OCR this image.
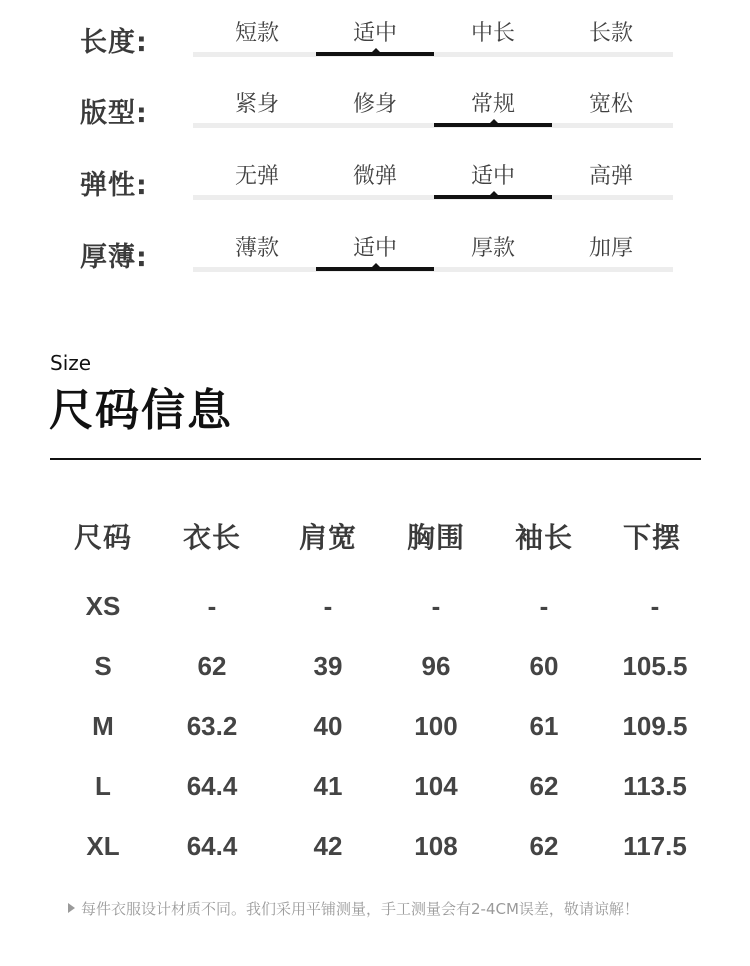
长度:	短款	适中	中长	长款
版型:	紧身	修身	常规	宽松
弹性:	无弹	微弹	适中	高弹
厚薄:	薄款	适中	厚款	加厚
Size
尺码信息
尺码	衣长	肩宽	胸围	袖长	下摆
XS	-	-	-	-	-
S	62	39	96	60	105.5
M	63.2	40	100	61	109.5
L	64.4	41	104	62	113.5
XL	64.4	42	108	62	117.5
每件衣服设计材质不同。我们采用平铺测量，手工测量会有2-4CM误差，敬请谅解！
